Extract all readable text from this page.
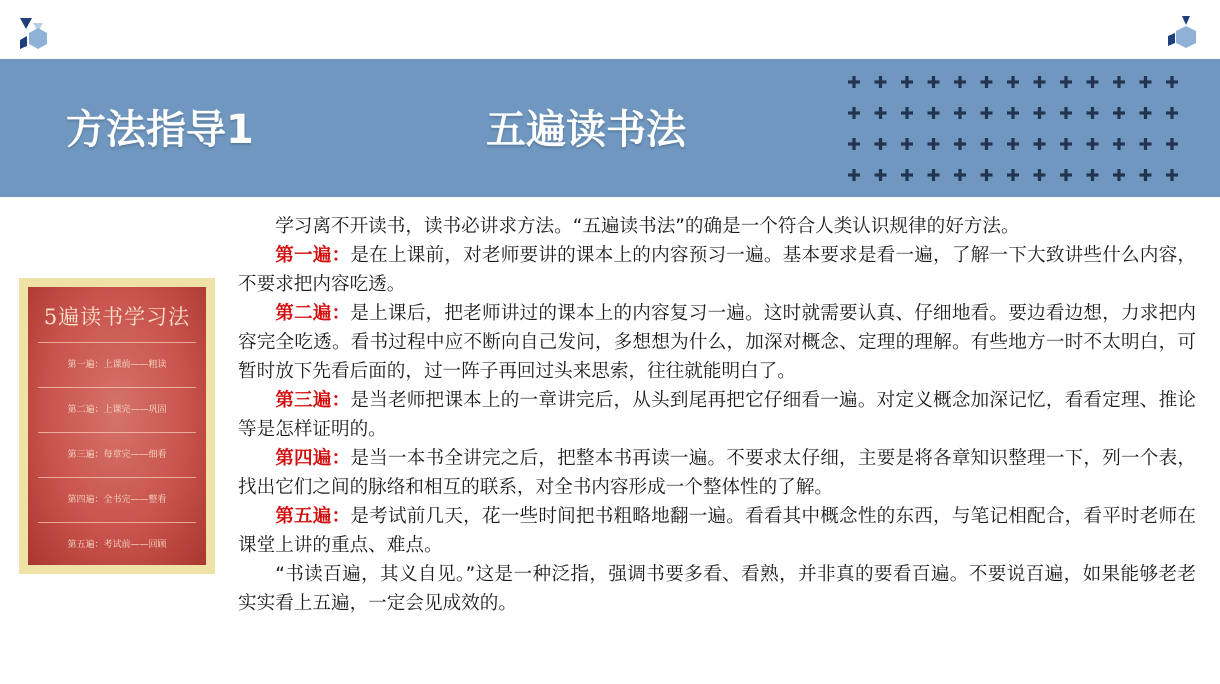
方法指导1	五遍读书法
5遍读书学习法
第一遍：上课前——粗读
第二遍：上课完——巩固
第三遍：每章完——细看
第四遍：全书完——整看
第五遍：考试前——回顾

学习离不开读书，读书必讲求方法。“五遍读书法”的确是一个符合人类认识规律的好方法。

第一遍：是在上课前，对老师要讲的课本上的内容预习一遍。基本要求是看一遍，了解一下大致讲些什么内容，不要求把内容吃透。

第二遍：是上课后，把老师讲过的课本上的内容复习一遍。这时就需要认真、仔细地看。要边看边想，力求把内容完全吃透。看书过程中应不断向自己发问，多想想为什么，加深对概念、定理的理解。有些地方一时不太明白，可暂时放下先看后面的，过一阵子再回过头来思索，往往就能明白了。

第三遍：是当老师把课本上的一章讲完后，从头到尾再把它仔细看一遍。对定义概念加深记忆，看看定理、推论等是怎样证明的。

第四遍：是当一本书全讲完之后，把整本书再读一遍。不要求太仔细，主要是将各章知识整理一下，列一个表，找出它们之间的脉络和相互的联系，对全书内容形成一个整体性的了解。

第五遍：是考试前几天，花一些时间把书粗略地翻一遍。看看其中概念性的东西，与笔记相配合，看平时老师在课堂上讲的重点、难点。

“书读百遍，其义自见。”这是一种泛指，强调书要多看、看熟，并非真的要看百遍。不要说百遍，如果能够老老实实看上五遍，一定会见成效的。
